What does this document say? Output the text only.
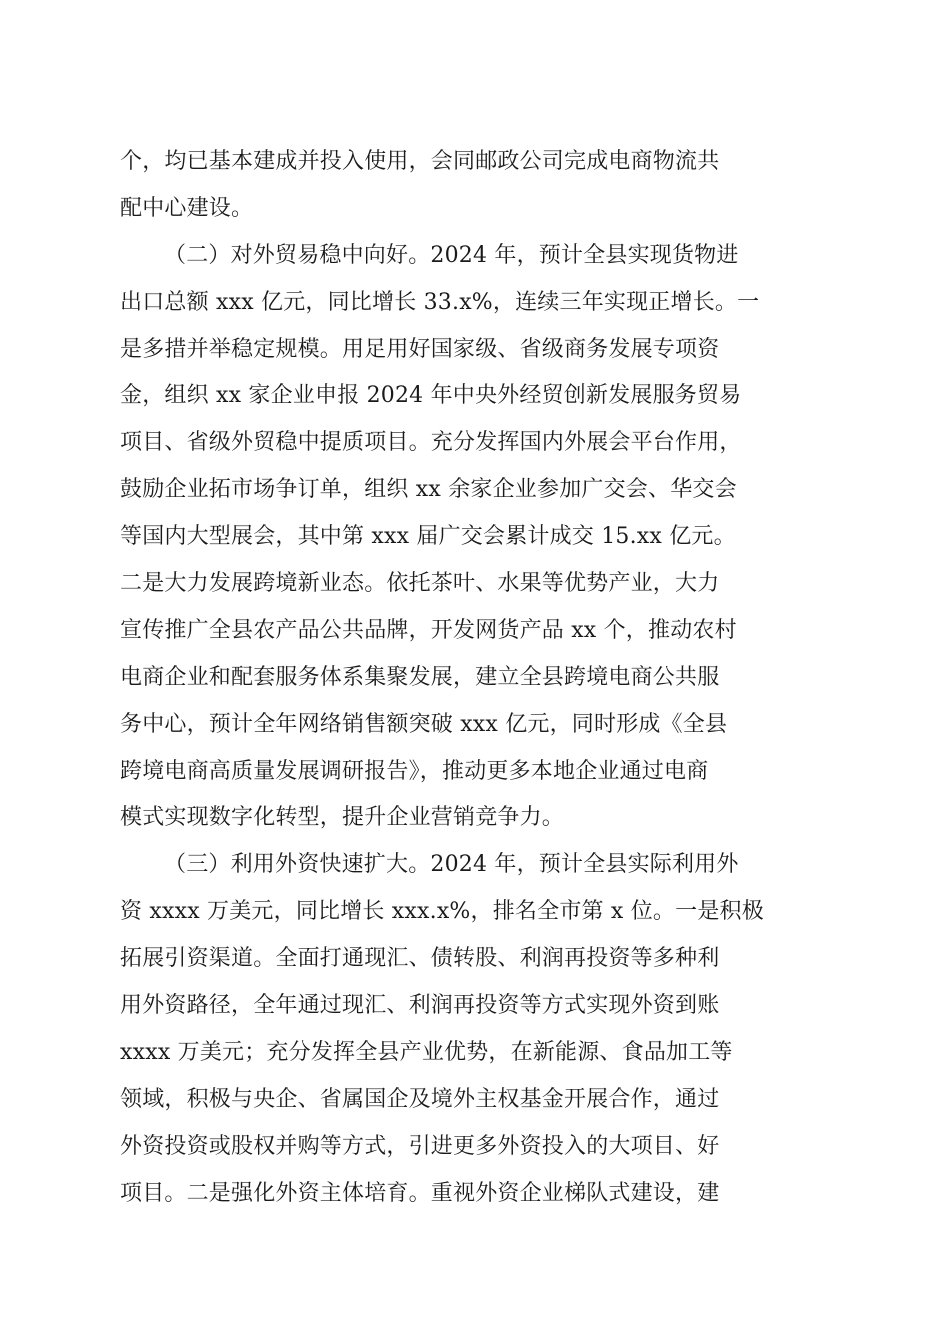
个，均已基本建成并投入使用，会同邮政公司完成电商物流共
配中心建设。
（二）对外贸易稳中向好。2024 年，预计全县实现货物进
出口总额 xxx 亿元，同比增长 33.x%，连续三年实现正增长。一
是多措并举稳定规模。用足用好国家级、省级商务发展专项资
金，组织 xx 家企业申报 2024 年中央外经贸创新发展服务贸易
项目、省级外贸稳中提质项目。充分发挥国内外展会平台作用，
鼓励企业拓市场争订单，组织 xx 余家企业参加广交会、华交会
等国内大型展会，其中第 xxx 届广交会累计成交 15.xx 亿元。
二是大力发展跨境新业态。依托茶叶、水果等优势产业，大力
宣传推广全县农产品公共品牌，开发网货产品 xx 个，推动农村
电商企业和配套服务体系集聚发展，建立全县跨境电商公共服
务中心，预计全年网络销售额突破 xxx 亿元，同时形成《全县
跨境电商高质量发展调研报告》，推动更多本地企业通过电商
模式实现数字化转型，提升企业营销竞争力。
（三）利用外资快速扩大。2024 年，预计全县实际利用外
资 xxxx 万美元，同比增长 xxx.x%，排名全市第 x 位。一是积极
拓展引资渠道。全面打通现汇、债转股、利润再投资等多种利
用外资路径，全年通过现汇、利润再投资等方式实现外资到账
xxxx 万美元；充分发挥全县产业优势，在新能源、食品加工等
领域，积极与央企、省属国企及境外主权基金开展合作，通过
外资投资或股权并购等方式，引进更多外资投入的大项目、好
项目。二是强化外资主体培育。重视外资企业梯队式建设，建
